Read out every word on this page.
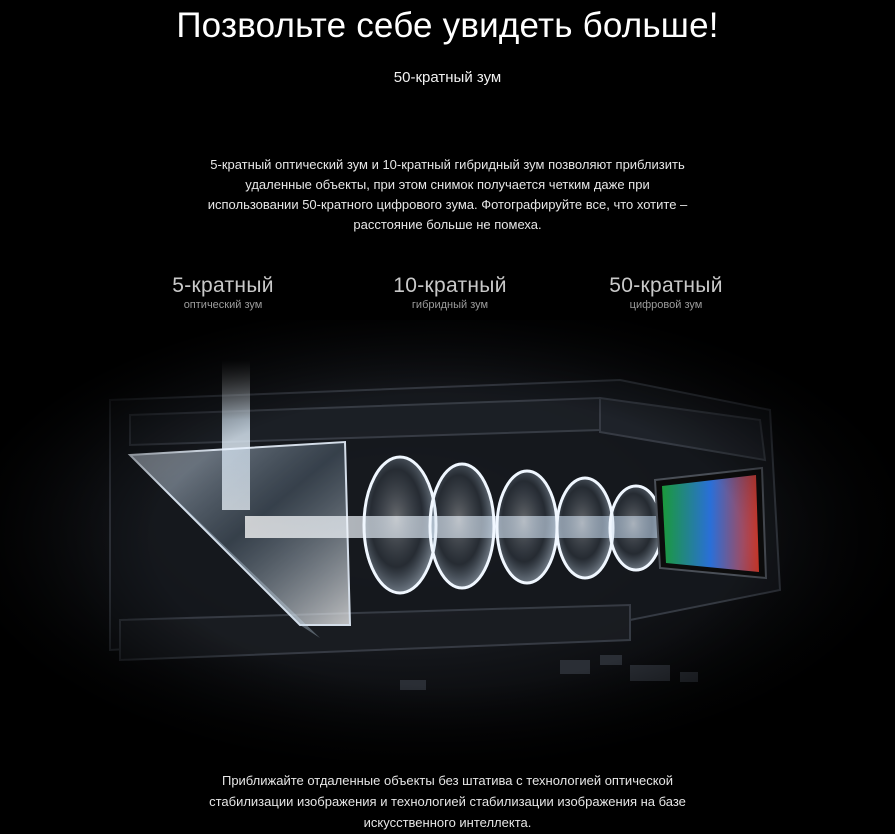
Позвольте себе увидеть больше!
50-кратный зум
5-кратный оптический зум и 10-кратный гибридный зум позволяют приблизить
удаленные объекты, при этом снимок получается четким даже при
использовании 50-кратного цифрового зума. Фотографируйте все, что хотите –
расстояние больше не помеха.
5-кратный
оптический зум
10-кратный
гибридный зум
50-кратный
цифровой зум
Приближайте отдаленные объекты без штатива с технологией оптической
стабилизации изображения и технологией стабилизации изображения на базе
искусственного интеллекта.
